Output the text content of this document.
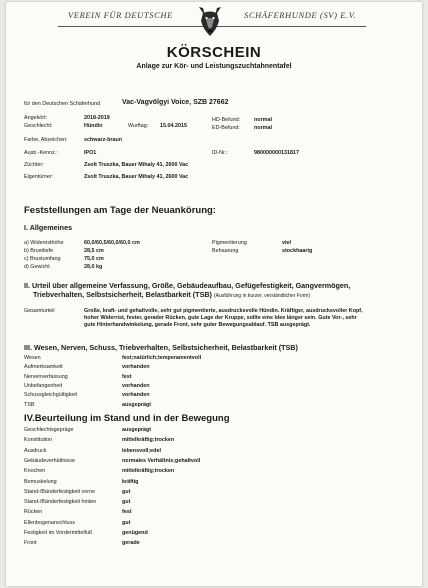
VEREIN FÜR DEUTSCHE	SCHÄFERHUNDE (SV) E.V.
KÖRSCHEIN
Anlage zur Kör- und Leistungszuchtahnentafel
für den Deutschen Schäferhund	Vac-Vagvölgyi Voice, SZB 27662
Angekört:	2018-2019
Geschlecht:	Hündin	Wurftag: 15.04.2015
HD-Befund:	normal
ED-Befund:	normal
Farbe, Abzeichen:	schwarz-braun
Ausb.-Kennz.:	IPO1	ID-Nr.:	980000000131817
Züchter:	Zsolt Truszka, Bauer Mihaly 41, 2600 Vac
Eigentümer:	Zsolt Truszka, Bauer Mihaly 41, 2600 Vac
Feststellungen am Tage der Neuankörung:
I. Allgemeines
a) Widerristhöhe	60,0/60,5/60,0/60,0 cm
b) Brusttiefe	28,5 cm
c) Brustumfang	75,0 cm
d) Gewicht	28,0 kg
Pigmentierung	viel
Behaarung	stockhaarig
II. Urteil über allgemeine Verfassung, Größe, Gebäudeaufbau, Gefügefestigkeit, Gangvermögen,
Triebverhalten, Selbstsicherheit, Belastbarkeit (TSB) (Ausführung in kurzer, verständlicher Form)
Gesamturteil	Große, kraft- und gehaltvolle, sehr gut pigmentierte, ausdrucksvolle Hündin. Kräftiger, ausdrucksvoller Kopf,
hoher Widerrist, fester, gerader Rücken, gute Lage der Kruppe, sollte eine Idee länger sein. Gute Vor-, sehr
gute Hinterhandwinkelung, gerade Front, sehr guter Bewegungsablauf. TSB ausgeprägt.
III. Wesen, Nerven, Schuss, Triebverhalten, Selbstsicherheit, Belastbarkeit (TSB)
Wesen	fest;natürlich;temperamentvoll
Aufmerksamkeit	vorhanden
Nervenverfassung	fest
Unbefangenheit	vorhanden
Schussgleichgültigkeit	vorhanden
TSB	ausgeprägt
IV.Beurteilung im Stand und in der Bewegung
Geschlechtsgepräge	ausgeprägt
Konstitution	mittelkräftig;trocken
Ausdruck	lebensvoll;edel
Gebäudeverhältnisse	normales Verhältnis;gehaltvoll
Knochen	mittelkräftig;trocken
Bemuskelung	kräftig
Stand-/Bänderfestigkeit vorne	gut
Stand-/Bänderfestigkeit hinten	gut
Rücken	fest
Ellenbogenanschluss	gut
Festigkeit im Vordermittelfuß	genügend
Front	gerade
